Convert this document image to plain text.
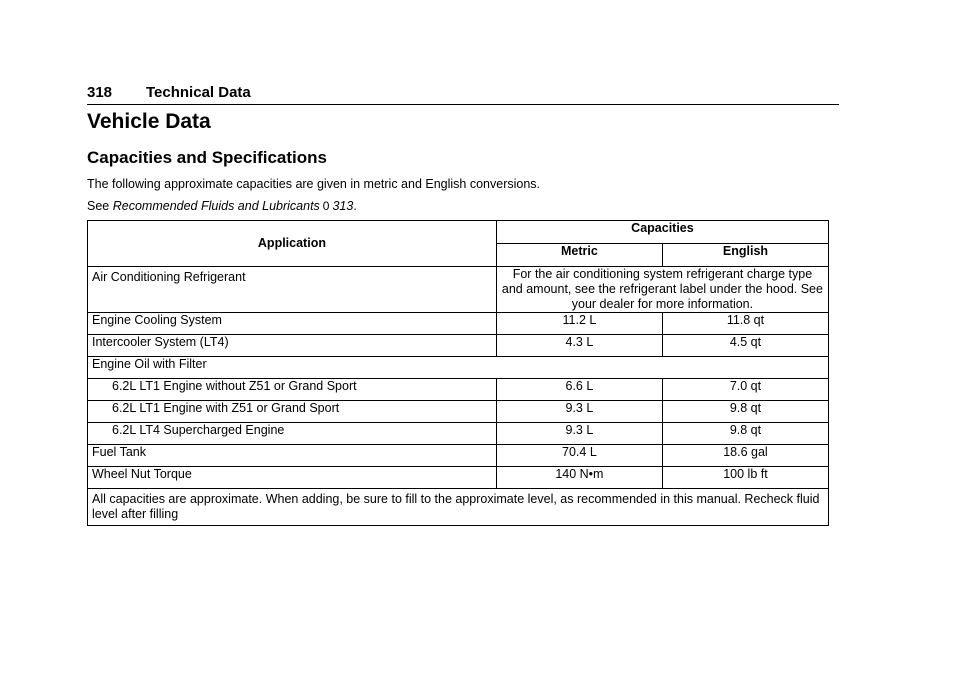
318 Technical Data
Vehicle Data
Capacities and Specifications

The following approximate capacities are given in metric and English conversions.

See Recommended Fluids and Lubricants 0 313.

Application	Capacities	
	Metric	English
Air Conditioning Refrigerant	For the air conditioning system refrigerant charge type and amount, see the refrigerant label under the hood. See your dealer for more information.	
Engine Cooling System	11.2 L	11.8 qt
Intercooler System (LT4)	4.3 L	4.5 qt
Engine Oil with Filter		
6.2L LT1 Engine without Z51 or Grand Sport	6.6 L	7.0 qt
6.2L LT1 Engine with Z51 or Grand Sport	9.3 L	9.8 qt
6.2L LT4 Supercharged Engine	9.3 L	9.8 qt
Fuel Tank	70.4 L	18.6 gal
Wheel Nut Torque	140 N•m	100 lb ft
All capacities are approximate. When adding, be sure to fill to the approximate level, as recommended in this manual. Recheck fluid level after filling		
